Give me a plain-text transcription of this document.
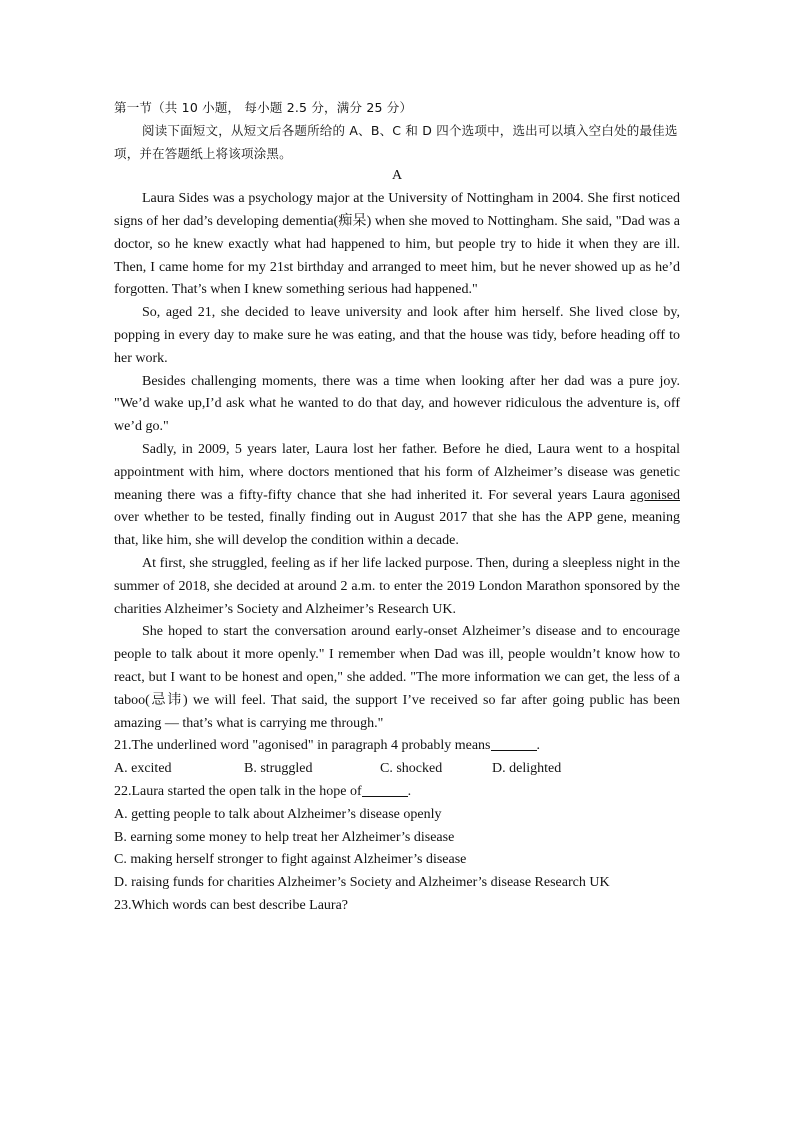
第一节（共 10 小题， 每小题 2.5 分，满分 25 分）

阅读下面短文，从短文后各题所给的 A、B、C 和 D 四个选项中，选出可以填入空白处的最佳选项，并在答题纸上将该项涂黑。

A

Laura Sides was a psychology major at the University of Nottingham in 2004. She first noticed signs of her dad’s developing dementia(痴呆) when she moved to Nottingham. She said, "Dad was a doctor, so he knew exactly what had happened to him, but people try to hide it when they are ill. Then, I came home for my 21st birthday and arranged to meet him, but he never showed up as he’d forgotten. That’s when I knew something serious had happened."

So, aged 21, she decided to leave university and look after him herself. She lived close by, popping in every day to make sure he was eating, and that the house was tidy, before heading off to her work.

Besides challenging moments, there was a time when looking after her dad was a pure joy. "We’d wake up,I’d ask what he wanted to do that day, and however ridiculous the adventure is, off we’d go."

Sadly, in 2009, 5 years later, Laura lost her father. Before he died, Laura went to a hospital appointment with him, where doctors mentioned that his form of Alzheimer’s disease was genetic meaning there was a fifty-fifty chance that she had inherited it. For several years Laura agonised over whether to be tested, finally finding out in August 2017 that she has the APP gene, meaning that, like him, she will develop the condition within a decade.

At first, she struggled, feeling as if her life lacked purpose. Then, during a sleepless night in the summer of 2018, she decided at around 2 a.m. to enter the 2019 London Marathon sponsored by the charities Alzheimer’s Society and Alzheimer’s Research UK.

She hoped to start the conversation around early-onset Alzheimer’s disease and to encourage people to talk about it more openly." I remember when Dad was ill, people wouldn’t know how to react, but I want to be honest and open," she added. "The more information we can get, the less of a taboo(忌讳) we will feel. That said, the support I’ve received so far after going public has been amazing — that’s what is carrying me through."

21.The underlined word "agonised" in paragraph 4 probably means	.

A. excited	B. struggled	C. shocked	D. delighted

22.Laura started the open talk in the hope of	.

A. getting people to talk about Alzheimer’s disease openly

B. earning some money to help treat her Alzheimer’s disease

C. making herself stronger to fight against Alzheimer’s disease

D. raising funds for charities Alzheimer’s Society and Alzheimer’s disease Research UK

23.Which words can best describe Laura?
